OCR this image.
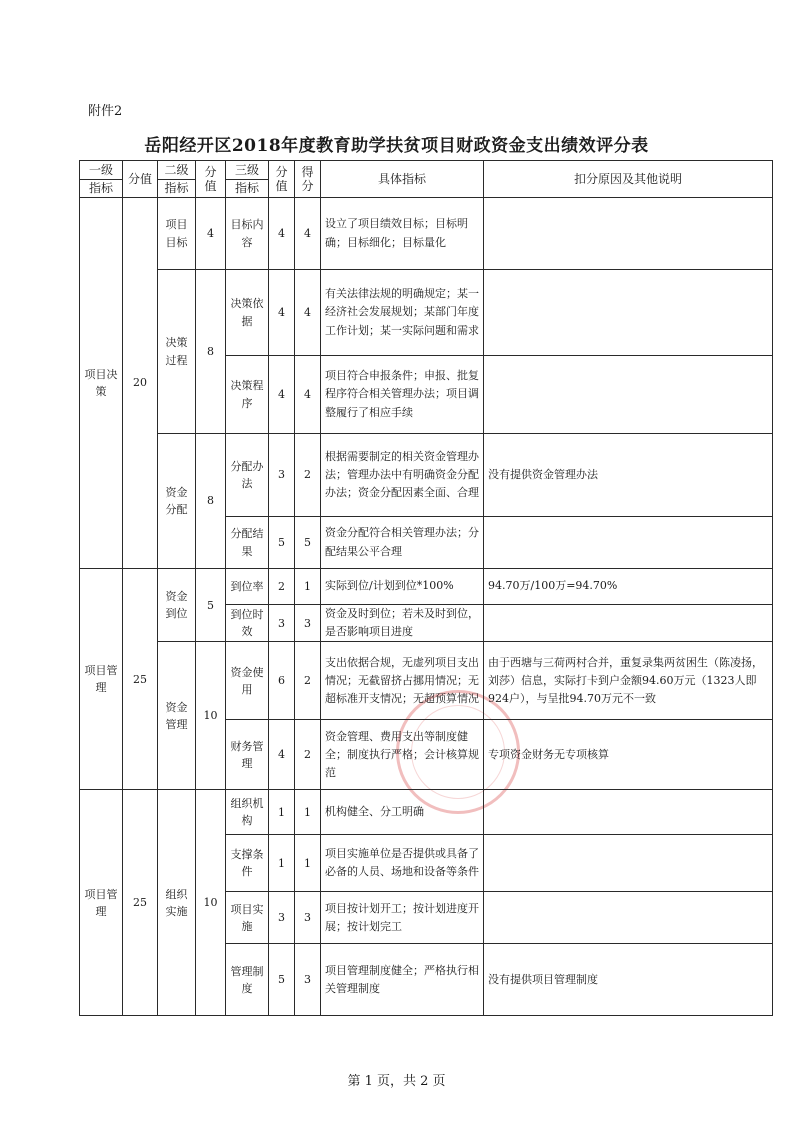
附件2
岳阳经开区2018年度教育助学扶贫项目财政资金支出绩效评分表
一级	分值	二级	分值	三级	分值	得分	具体指标	扣分原因及其他说明
指标		指标		指标				
项目决策	20	项目目标	4	目标内容	4	4	设立了项目绩效目标；目标明确；目标细化；目标量化	
		决策过程	8	决策依据	4	4	有关法律法规的明确规定；某一经济社会发展规划；某部门年度工作计划；某一实际问题和需求	
				决策程序	4	4	项目符合申报条件；申报、批复程序符合相关管理办法；项目调整履行了相应手续	
		资金分配	8	分配办法	3	2	根据需要制定的相关资金管理办法；管理办法中有明确资金分配办法；资金分配因素全面、合理	没有提供资金管理办法
				分配结果	5	5	资金分配符合相关管理办法；分配结果公平合理	
项目管理	25	资金到位	5	到位率	2	1	实际到位/计划到位*100%	94.70万/100万=94.70%
				到位时效	3	3	资金及时到位；若未及时到位，是否影响项目进度	
		资金管理	10	资金使用	6	2	支出依据合规，无虚列项目支出情况；无截留挤占挪用情况；无超标准开支情况；无超预算情况	由于西塘与三荷两村合并，重复录集两贫困生（陈凌扬，刘莎）信息，实际打卡到户金额94.60万元（1323人即924户），与呈批94.70万元不一致
				财务管理	4	2	资金管理、费用支出等制度健全；制度执行严格；会计核算规范	专项资金财务无专项核算
项目管理	25	组织实施	10	组织机构	1	1	机构健全、分工明确	
				支撑条件	1	1	项目实施单位是否提供或具备了必备的人员、场地和设备等条件	
				项目实施	3	3	项目按计划开工；按计划进度开展；按计划完工	
				管理制度	5	3	项目管理制度健全；严格执行相关管理制度	没有提供项目管理制度
第 1 页，共 2 页
